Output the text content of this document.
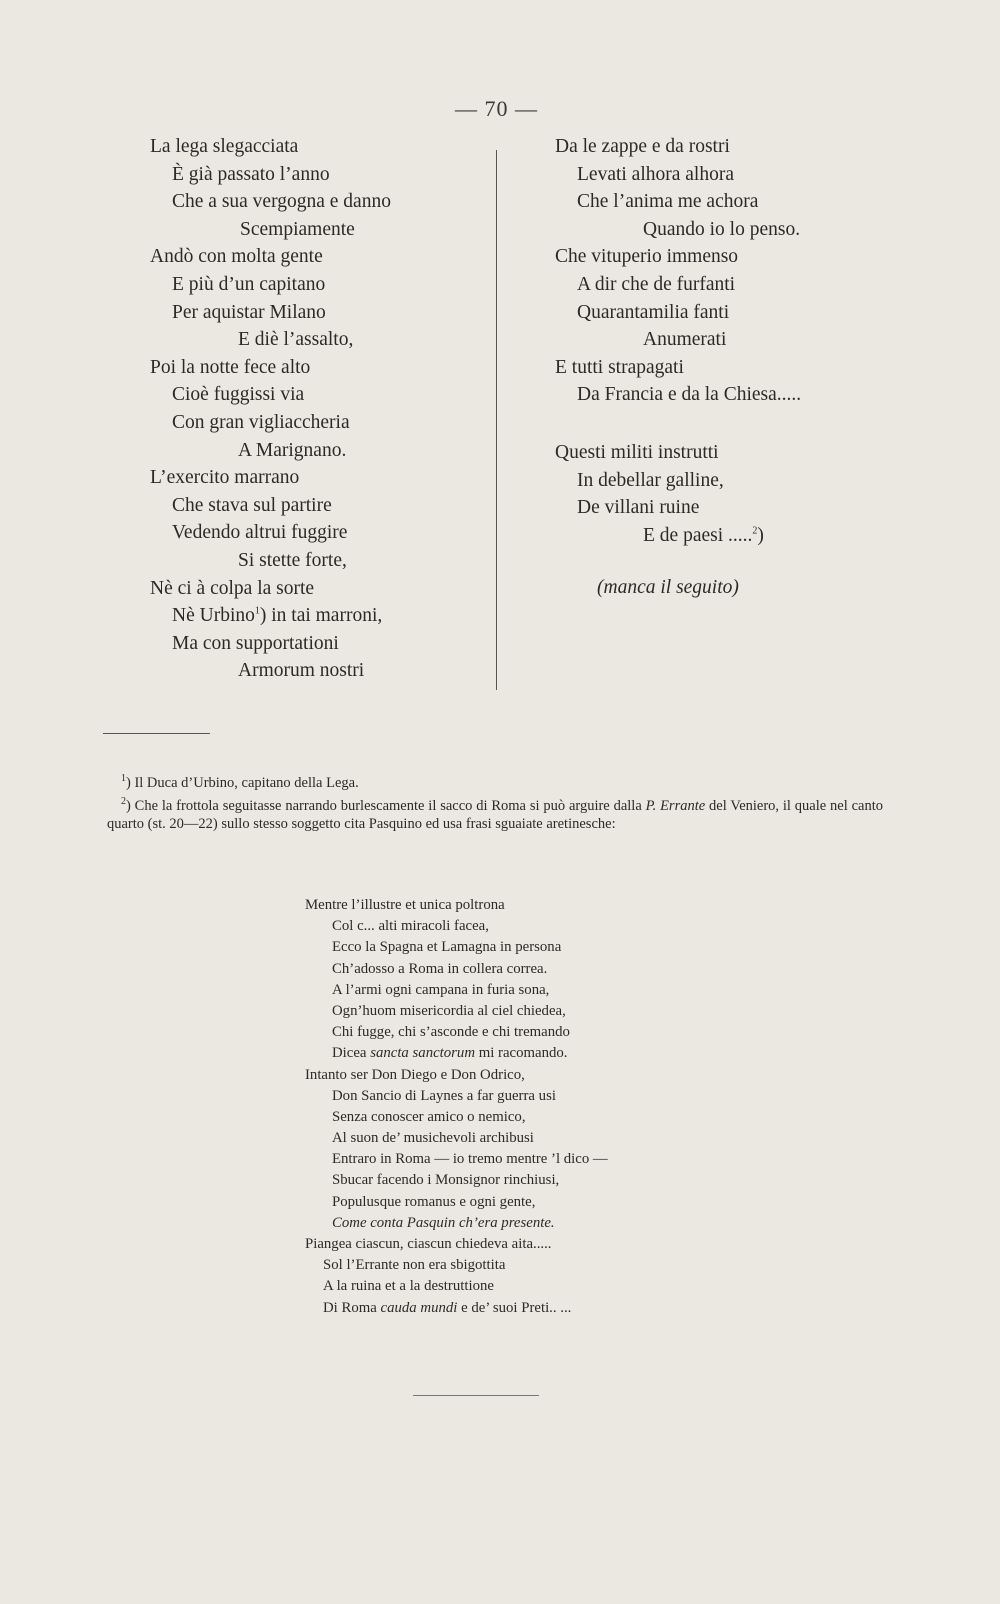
— 70 —
La lega slegacciata
È già passato l’anno
Che a sua vergogna e danno
Scempiamente
Andò con molta gente
E più d’un capitano
Per aquistar Milano
E diè l’assalto,
Poi la notte fece alto
Cioè fuggissi via
Con gran vigliaccheria
A Marignano.
L’exercito marrano
Che stava sul partire
Vedendo altrui fuggire
Si stette forte,
Nè ci à colpa la sorte
Nè Urbino$^1$) in tai marroni,
Ma con supportationi
Armorum nostri
Da le zappe e da rostri
Levati alhora alhora
Che l’anima me achora
Quando io lo penso.
Che vituperio immenso
A dir che de furfanti
Quarantamilia fanti
Anumerati
E tutti strapagati
Da Francia e da la Chiesa.....
Questi militi instrutti
In debellar galline,
De villani ruine
E de paesi .....$^2$)
(manca il seguito)

$^1$) Il Duca d’Urbino, capitano della Lega.

$^2$) Che la frottola seguitasse narrando burlescamente il sacco di Roma si può arguire dalla P. Errante del Veniero, il quale nel canto quarto (st. 20—22) sullo stesso soggetto cita Pasquino ed usa frasi sguaiate aretinesche:

Mentre l’illustre et unica poltrona
Col c... alti miracoli facea,
Ecco la Spagna et Lamagna in persona
Ch’adosso a Roma in collera correa.
A l’armi ogni campana in furia sona,
Ogn’huom misericordia al ciel chiedea,
Chi fugge, chi s’asconde e chi tremando
Dicea sancta sanctorum mi racomando.
Intanto ser Don Diego e Don Odrico,
Don Sancio di Laynes a far guerra usi
Senza conoscer amico o nemico,
Al suon de’ musichevoli archibusi
Entraro in Roma — io tremo mentre ’l dico —
Sbucar facendo i Monsignor rinchiusi,
Populusque romanus e ogni gente,
Come conta Pasquin ch’era presente.
Piangea ciascun, ciascun chiedeva aita.....
Sol l’Errante non era sbigottita
A la ruina et a la destruttione
Di Roma cauda mundi e de’ suoi Preti.. ...
